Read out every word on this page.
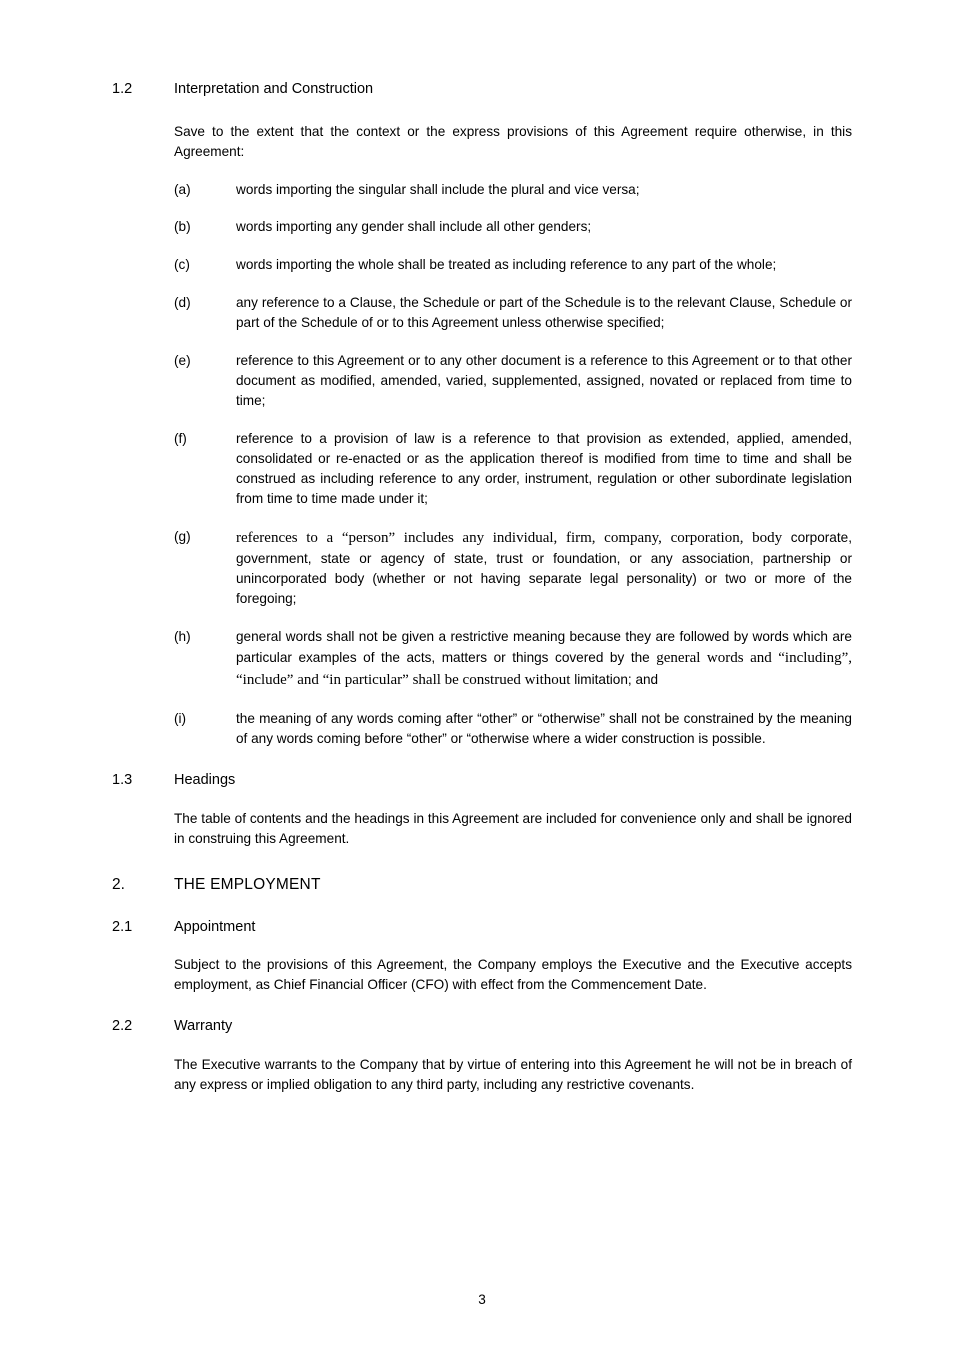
1.2	Interpretation and Construction
Save to the extent that the context or the express provisions of this Agreement require otherwise, in this Agreement:
(a)	words importing the singular shall include the plural and vice versa;
(b)	words importing any gender shall include all other genders;
(c)	words importing the whole shall be treated as including reference to any part of the whole;
(d)	any reference to a Clause, the Schedule or part of the Schedule is to the relevant Clause, Schedule or part of the Schedule of or to this Agreement unless otherwise specified;
(e)	reference to this Agreement or to any other document is a reference to this Agreement or to that other document as modified, amended, varied, supplemented, assigned, novated or replaced from time to time;
(f)	reference to a provision of law is a reference to that provision as extended, applied, amended, consolidated or re-enacted or as the application thereof is modified from time to time and shall be construed as including reference to any order, instrument, regulation or other subordinate legislation from time to time made under it;
(g)	references to a “person” includes any individual, firm, company, corporation, body corporate, government, state or agency of state, trust or foundation, or any association, partnership or unincorporated body (whether or not having separate legal personality) or two or more of the foregoing;
(h)	general words shall not be given a restrictive meaning because they are followed by words which are particular examples of the acts, matters or things covered by the general words and “including”, “include” and “in particular” shall be construed without limitation; and
(i)	the meaning of any words coming after “other” or “otherwise” shall not be constrained by the meaning of any words coming before “other” or “otherwise where a wider construction is possible.
1.3	Headings
The table of contents and the headings in this Agreement are included for convenience only and shall be ignored in construing this Agreement.
2.	THE EMPLOYMENT
2.1	Appointment
Subject to the provisions of this Agreement, the Company employs the Executive and the Executive accepts employment, as Chief Financial Officer (CFO) with effect from the Commencement Date.
2.2	Warranty
The Executive warrants to the Company that by virtue of entering into this Agreement he will not be in breach of any express or implied obligation to any third party, including any restrictive covenants.
3
